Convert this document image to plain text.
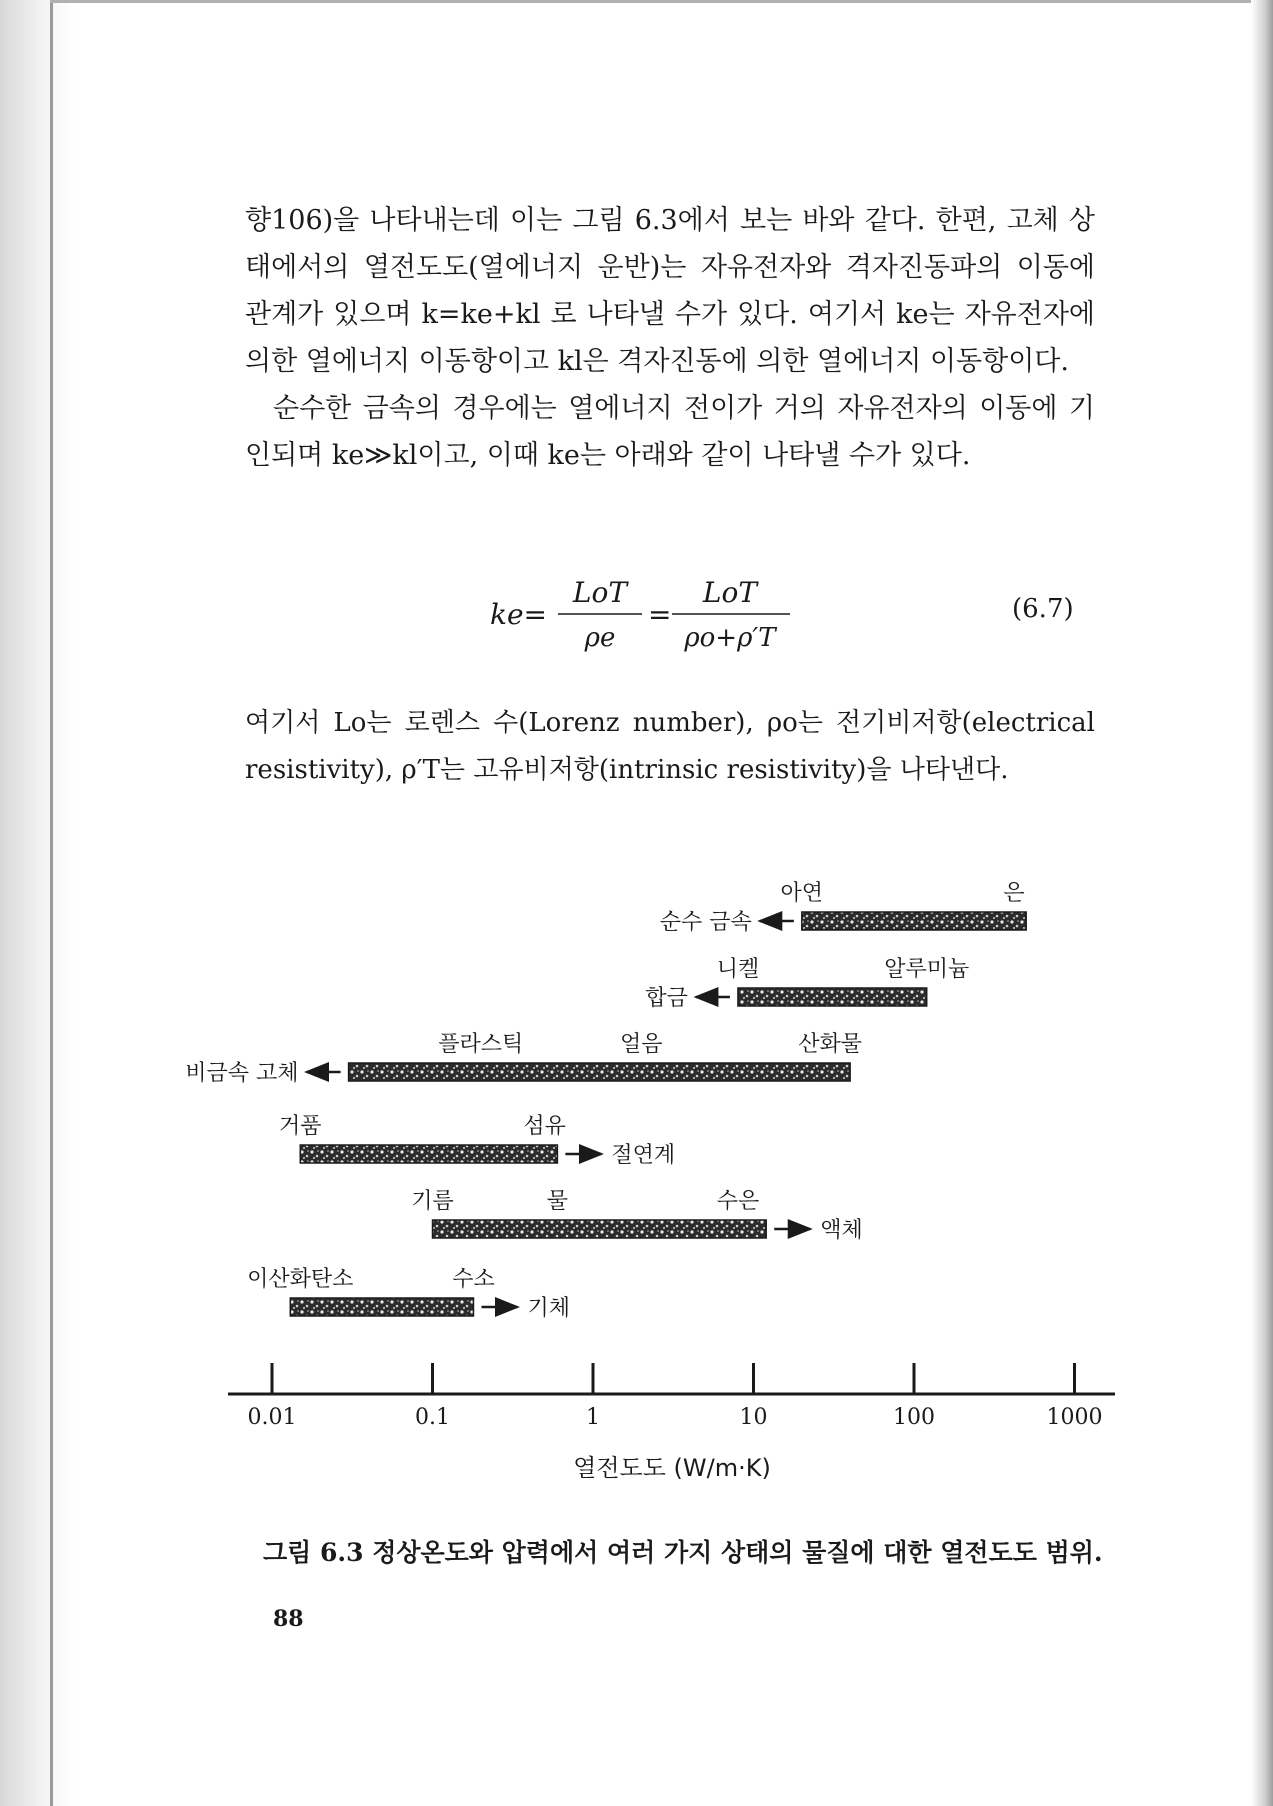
향106)을 나타내는데 이는 그림 6.3에서 보는 바와 같다. 한편, 고체 상태에서의 열전도도(열에너지 운반)는 자유전자와 격자진동파의 이동에 관계가 있으며 k=ke+kl 로 나타낼 수가 있다. 여기서 ke는 자유전자에 의한 열에너지 이동항이고 kl은 격자진동에 의한 열에너지 이동항이다.

순수한 금속의 경우에는 열에너지 전이가 거의 자유전자의 이동에 기인되며 ke≫kl이고, 이때 ke는 아래와 같이 나타낼 수가 있다.

ke=
LoT
ρe
=
LoT
ρo+ρ′T
(6.7)

여기서 Lo는 로렌스 수(Lorenz number), ρo는 전기비저항(electrical resistivity), ρ′T는 고유비저항(intrinsic resistivity)을 나타낸다.

순수 금속
아연	은
합금
니켈	알루미늄
비금속 고체
플라스틱	얼음	산화물
절연계
거품	섬유
액체
기름	물	수은
기체
이산화탄소	수소
0.01	0.1	1	10	100	1000
열전도도 (W/m·K)
그림 6.3 정상온도와 압력에서 여러 가지 상태의 물질에 대한 열전도도 범위.
88
